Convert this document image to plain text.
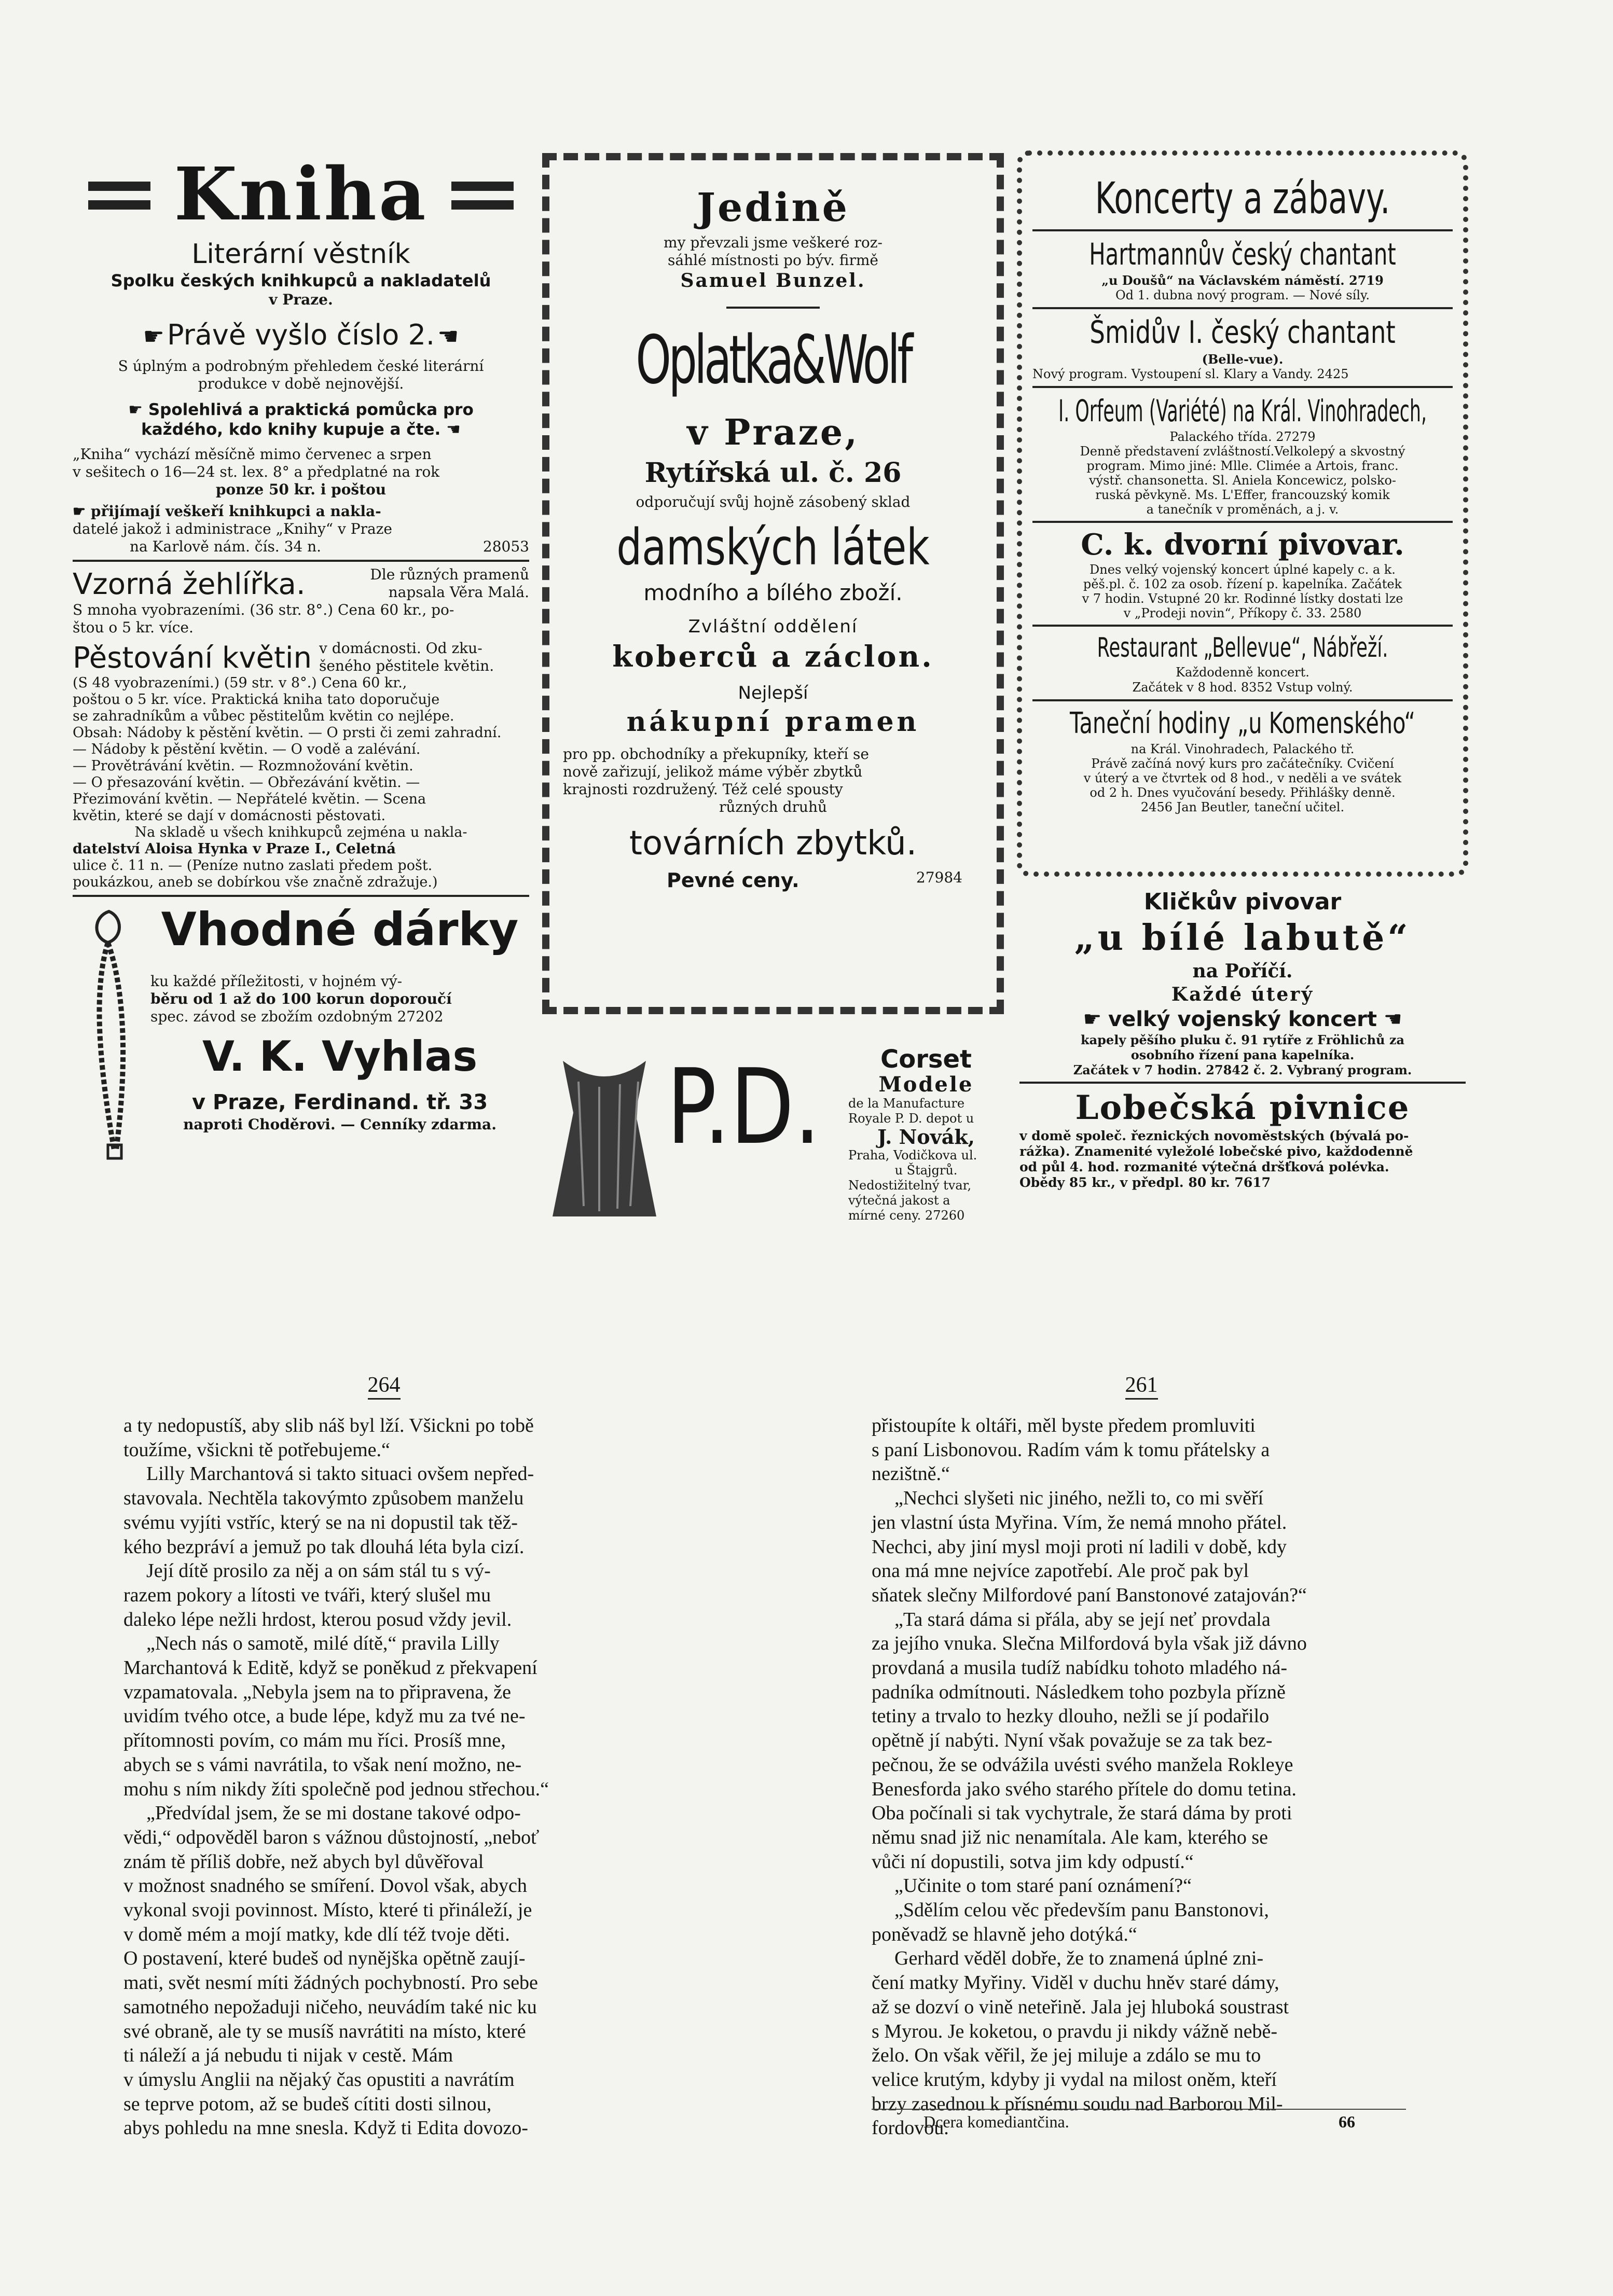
Kniha
Literární věstník
Spolku českých knihkupců a nakladatelů
v Praze.
☛ Právě vyšlo číslo 2. ☚
S úplným a podrobným přehledem české literární
produkce v době nejnovější.
☛ Spolehlivá a praktická pomůcka pro
každého, kdo knihy kupuje a čte. ☚
„Kniha“ vychází měsíčně mimo červenec a srpen
v sešitech o 16—24 st. lex. 8° a předplatné na rok
ponze 50 kr. i poštou
☛ přijímají veškeří knihkupci a nakla-
datelé jakož i administrace „Knihy“ v Praze
na Karlově nám. čís. 34 n.	28053
Vzorná žehlířka.	Dle různých pramenů
napsala Věra Malá.
S mnoha vyobrazeními. (36 str. 8°.) Cena 60 kr., po-
štou o 5 kr. více.
Pěstování květin v domácnosti. Od zku-
šeného pěstitele květin.
(S 48 vyobrazeními.) (59 str. v 8°.) Cena 60 kr.,
poštou o 5 kr. více. Praktická kniha tato doporučuje
se zahradníkům a vůbec pěstitelům květin co nejlépe.
Obsah: Nádoby k pěstění květin. — O prsti či zemi zahradní.
— Nádoby k pěstění květin. — O vodě a zalévání.
— Provětrávání květin. — Rozmnožování květin.
— O přesazování květin. — Obřezávání květin. —
Přezimování květin. — Nepřátelé květin. — Scena
květin, které se dají v domácnosti pěstovati.
Na skladě u všech knihkupců zejména u nakla-
datelství Aloisa Hynka v Praze I., Celetná
ulice č. 11 n. — (Peníze nutno zaslati předem pošt.
poukázkou, aneb se dobírkou vše značně zdražuje.)
Vhodné dárky
ku každé příležitosti, v hojném vý-
běru od 1 až do 100 korun doporoučí
spec. závod se zbožím ozdobným 27202
V. K. Vyhlas
v Praze, Ferdinand. tř. 33
naproti Choděrovi. — Cenníky zdarma.
Jedině
my převzali jsme veškeré roz-
sáhlé místnosti po býv. firmě
Samuel Bunzel.
Oplatka&Wolf
v Praze,
Rytířská ul. č. 26
odporučují svůj hojně zásobený sklad
damských látek
modního a bílého zboží.
Zvláštní oddělení
koberců a záclon.
Nejlepší
nákupní pramen
pro pp. obchodníky a překupníky, kteří se
nově zařizují, jelikož máme výběr zbytků
krajnosti rozdružený. Též celé spousty
různých druhů
továrních zbytků.
Pevné ceny.	27984
P.D.	Corset
Modele
de la Manufacture
Royale P. D. depot u
J. Novák,
Praha, Vodičkova ul.
u Štajgrů.
Nedostižitelný tvar,
výtečná jakost a
mírné ceny. 27260
Koncerty a zábavy.
Hartmannův český chantant
„u Doušů“ na Václavském náměstí. 2719
Od 1. dubna nový program. — Nové síly.
Šmidův I. český chantant
(Belle-vue).
Nový program. Vystoupení sl. Klary a Vandy. 2425
I. Orfeum (Variété) na Král. Vinohradech,
Palackého třída. 27279
Denně představení zvláštností.Velkolepý a skvostný
program. Mimo jiné: Mlle. Climée a Artois, franc.
výstř. chansonetta. Sl. Aniela Koncewicz, polsko-
ruská pěvkyně. Ms. L'Effer, francouzský komik
a tanečník v proměnách, a j. v.
C. k. dvorní pivovar.
Dnes velký vojenský koncert úplné kapely c. a k.
pěš.pl. č. 102 za osob. řízení p. kapelníka. Začátek
v 7 hodin. Vstupné 20 kr. Rodinné lístky dostati lze
v „Prodeji novin“, Příkopy č. 33. 2580
Restaurant „Bellevue“, Nábřeží.
Každodenně koncert.
Začátek v 8 hod. 8352 Vstup volný.
Taneční hodiny „u Komenského“
na Král. Vinohradech, Palackého tř.
Právě začíná nový kurs pro začátečníky. Cvičení
v úterý a ve čtvrtek od 8 hod., v neděli a ve svátek
od 2 h. Dnes vyučování besedy. Přihlášky denně.
2456 Jan Beutler, taneční učitel.
Kličkův pivovar
„u bílé labutě“
na Poříčí.
Každé úterý
☛ velký vojenský koncert ☚
kapely pěšího pluku č. 91 rytíře z Fröhlichů za
osobního řízení pana kapelníka.
Začátek v 7 hodin. 27842 č. 2. Vybraný program.
Lobečská pivnice
v domě společ. řeznických novoměstských (bývalá po-
rážka). Znamenité vyležolé lobečské pivo, každodenně
od půl 4. hod. rozmanité výtečná dršťková polévka.
Obědy 85 kr., v předpl. 80 kr. 7617
264	261
a ty nedopustíš, aby slib náš byl lží. Všickni po tobě
toužíme, všickni tě potřebujeme.“
Lilly Marchantová si takto situaci ovšem nepřed-
stavovala. Nechtěla takovýmto způsobem manželu
svému vyjíti vstříc, který se na ni dopustil tak těž-
kého bezpráví a jemuž po tak dlouhá léta byla cizí.
Její dítě prosilo za něj a on sám stál tu s vý-
razem pokory a lítosti ve tváři, který slušel mu
daleko lépe nežli hrdost, kterou posud vždy jevil.
„Nech nás o samotě, milé dítě,“ pravila Lilly
Marchantová k Editě, když se poněkud z překvapení
vzpamatovala. „Nebyla jsem na to připravena, že
uvidím tvého otce, a bude lépe, když mu za tvé ne-
přítomnosti povím, co mám mu říci. Prosíš mne,
abych se s vámi navrátila, to však není možno, ne-
mohu s ním nikdy žíti společně pod jednou střechou.“
„Předvídal jsem, že se mi dostane takové odpo-
vědi,“ odpověděl baron s vážnou důstojností, „neboť
znám tě příliš dobře, než abych byl důvěřoval
v možnost snadného se smíření. Dovol však, abych
vykonal svoji povinnost. Místo, které ti přináleží, je
v domě mém a mojí matky, kde dlí též tvoje děti.
O postavení, které budeš od nynějška opětně zaují-
mati, svět nesmí míti žádných pochybností. Pro sebe
samotného nepožaduji ničeho, neuvádím také nic ku
své obraně, ale ty se musíš navrátiti na místo, které
ti náleží a já nebudu ti nijak v cestě. Mám
v úmyslu Anglii na nějaký čas opustiti a navrátím
se teprve potom, až se budeš cítiti dosti silnou,
abys pohledu na mne snesla. Když ti Edita dovozo-
přistoupíte k oltáři, měl byste předem promluviti
s paní Lisbonovou. Radím vám k tomu přátelsky a
nezištně.“
„Nechci slyšeti nic jiného, nežli to, co mi svěří
jen vlastní ústa Myřina. Vím, že nemá mnoho přátel.
Nechci, aby jiní mysl moji proti ní ladili v době, kdy
ona má mne nejvíce zapotřebí. Ale proč pak byl
sňatek slečny Milfordové paní Banstonové zatajován?“
„Ta stará dáma si přála, aby se její neť provdala
za jejího vnuka. Slečna Milfordová byla však již dávno
provdaná a musila tudíž nabídku tohoto mladého ná-
padníka odmítnouti. Následkem toho pozbyla přízně
tetiny a trvalo to hezky dlouho, nežli se jí podařilo
opětně jí nabýti. Nyní však považuje se za tak bez-
pečnou, že se odvážila uvésti svého manžela Rokleye
Benesforda jako svého starého přítele do domu tetina.
Oba počínali si tak vychytrale, že stará dáma by proti
němu snad již nic nenamítala. Ale kam, kterého se
vůči ní dopustili, sotva jim kdy odpustí.“
„Učinite o tom staré paní oznámení?“
„Sdělím celou věc především panu Banstonovi,
poněvadž se hlavně jeho dotýká.“
Gerhard věděl dobře, že to znamená úplné zni-
čení matky Myřiny. Viděl v duchu hněv staré dámy,
až se dozví o vině neteřině. Jala jej hluboká soustrast
s Myrou. Je koketou, o pravdu ji nikdy vážně nebě-
želo. On však věřil, že jej miluje a zdálo se mu to
velice krutým, kdyby ji vydal na milost oněm, kteří
brzy zasednou k přísnému soudu nad Barborou Mil-
fordovou.
Dcera komediantčina.	66
